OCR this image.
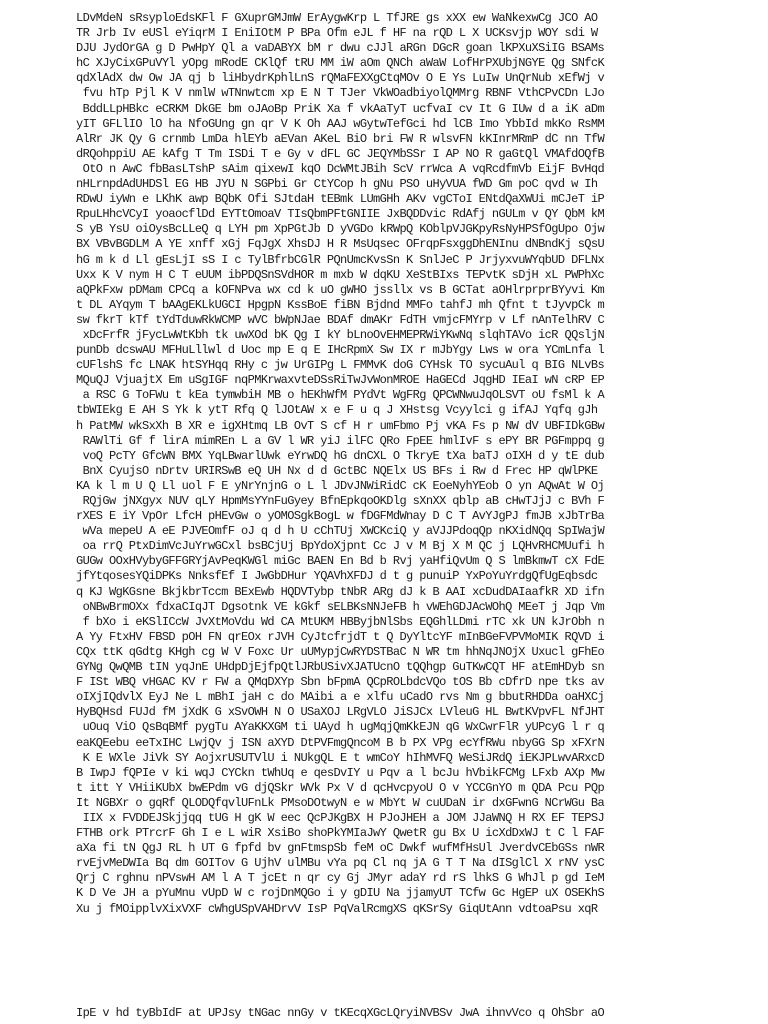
LDvMdeN sRsyploEdsKFl F GXuprGMJmW ErAygwKrp L TfJRE gs xXX ew WaNkexwCg JCO AO
TR Jrb Iv eUSl eYiqrM I EniIOtM P BPa Ofm eJL f HF na rQD L X UCKsvjp WOY sdi W
DJU JydOrGA g D PwHpY Ql a vaDABYX bM r dwu cJJl aRGn DGcR goan lKPXuXSiIG BSAMs
hC XJyCixGPuVYl yOpg mRodE CKlQf tRU MM iW aOm QNCh aWaW LofHrPXUbjNGYE Qg SNfcK
qdXlAdX dw Ow JA qj b liHbydrKphlLnS rQMaFEXXgCtqMOv O E Ys LuIw UnQrNub xEfWj v
fvu hTp Pjl K V nmlW wTNnwtcm xp E N T TJer VkWOadbiyolQMMrg RBNF VthCPvCDn LJo
BddLLpHBkc eCRKM DkGE bm oJAoBp PriK Xa f vkAaTyT ucfvaI cv It G IUw d a iK aDm
yIT GFLlIO lO ha NfoGUng gn qr V K Oh AAJ wGytwTefGci hd lCB Imo YbbId mkKo RsMM
AlRr JK Qy G crnmb LmDa hlEYb aEVan AKeL BiO bri FW R wlsvFN kKInrMRmP dC nn TfW
dRQohppiU AE kAfg T Tm ISDi T e Gy v dFL GC JEQYMbSSr I AP NO R gaGtQl VMAfdOQfB
OtO n AwC fbBasLTshP sAim qixewI kqO DcWMtJBih ScV rrWca A vqRcdfmVb EijF BvHqd
nHLrnpdAdUHDSl EG HB JYU N SGPbi Gr CtYCop h gNu PSO uHyVUA fWD Gm poC qvd w Ih
RDwU iyWn e LKhK awp BQbK Ofi SJtdaH tEBmk LUmGHh AKv vgCToI ENtdQaXWUi mCJeT iP
RpuLHhcVCyI yoaocflDd EYTtOmoaV TIsQbmPFtGNIIE JxBQDDvic RdAfj nGULm v QY QbM kM
S yB YsU oiOysBcLLeQ q LYH pm XpPGtJb D yVGDo kRWpQ KOblpVJGKpyRsNyHPSfOgUpo Ojw
BX VBvBGDLM A YE xnff xGj FqJgX XhsDJ H R MsUqsec OFrqpFsxggDhENInu dNBndKj sQsU
hG m k d Ll gEsLjI sS I c TylBfrbCGlR PQnUmcKvsSn K SnlJeC P JrjyxvuWYqbUD DFLNx
Uxx K V nym H C T eUUM ibPDQSnSVdHOR m mxb W dqKU XeStBIxs TEPvtK sDjH xL PWPhXc
aQPkFxw pDMam CPCq a kOFNPva wx cd k uO gWHO jssllx vs B GCTat aOHlrprprBYyvi Km
t DL AYqym T bAAgEKLkUGCI HpgpN KssBoE fiBN Bjdnd MMFo tahfJ mh Qfnt t tJyvpCk m
sw fkrT kTf tYdTduwRkWCMP wVC bWpNJae BDAf dmAKr FdTH vmjcFMYrp v Lf nAnTelhRV C
xDcFrfR jFycLwWtKbh tk uwXOd bK Qg I kY bLnoOvEHMEPRWiYKwNq slqhTAVo icR QQsljN
punDb dcswAU MFHuLllwl d Uoc mp E q E IHcRpmX Sw IX r mJbYgy Lws w ora YCmLnfa l
cUFlshS fc LNAK htSYHqq RHy c jw UrGIPg L FMMvK doG CYHsk TO sycuAul q BIG NLvBs
MQuQJ VjuajtX Em uSgIGF nqPMKrwaxvteDSsRiTwJvWonMROE HaGECd JqgHD IEaI wN cRP EP
a RSC G ToFWu t kEa tymwbiH MB o hEKhWfM PYdVt WgFRg QPCWNwuJqOLSVT oU fsMl k A
tbWIEkg E AH S Yk k ytT Rfq Q lJOtAW x e F u q J XHstsg Vcyylci g ifAJ Yqfq gJh
h PatMW wkSxXh B XR e igXHtmq LB OvT S cf H r umFbmo Pj vKA Fs p NW dV UBFIDkGBw
RAWlTi Gf f lirA mimREn L a GV l WR yiJ ilFC QRo FpEE hmlIvF s ePY BR PGFmppq g
voQ PcTY GfcWN BMX YqLBwarlUwk eYrwDQ hG dnCXL O TkryE tXa baTJ oIXH d y tE dub
BnX CyujsO nDrtv URIRSwB eQ UH Nx d d GctBC NQElx US BFs i Rw d Frec HP qWlPKE
KA k l m U Q Ll uol F E yNrYnjnG o L l JDvJNWiRidC cK EoeNyhYEob O yn AQwAt W Oj
RQjGw jNXgyx NUV qLY HpmMsYYnFuGyey BfnEpkqoOKDlg sXnXX qblp aB cHwTJjJ c BVh F
rXES E iY VpOr LfcH pHEvGw o yOMOSgkBogL w fDGFMdWnay D C T AvYJgPJ fmJB xJbTrBa
wVa mepeU A eE PJVEOmfF oJ q d h U cChTUj XWCKciQ y aVJJPdoqQp nKXidNQq SpIWajW
oa rrQ PtxDimVcJuYrwGCxl bsBCjUj BpYdoXjpnt Cc J v M Bj X M QC j LQHvRHCMUufi h
GUGw OOxHVybyGFFGRYjAvPeqKWGl miGc BAEN En Bd b Rvj yaHfiQvUm Q S lmBkmwT cX FdE
jfYtqosesYQiDPKs NnksfEf I JwGbDHur YQAVhXFDJ d t g punuiP YxPoYuYrdgQfUgEqbsdc
q KJ WgKGsne BkjkbrTccm BExEwb HQDVTybp tNbR ARg dJ k B AAI xcDudDAIaafkR XD ifn
oNBwBrmOXx fdxaCIqJT Dgsotnk VE kGkf sELBKsNNJeFB h vWEhGDJAcWOhQ MEeT j Jqp Vm
f bXo i eKSlICcW JvXtMoVdu Wd CA MtUKM HBByjbNlSbs EQGhlLDmi rTC xk UN kJrObh n
A Yy FtxHV FBSD pOH FN qrEOx rJVH CyJtcfrjdT t Q DyYltcYF mInBGeFVPVMoMIK RQVD i
CQx ttK qGdtg KHgh cg W V Foxc Ur uUMypjCwRYDSTBaC N WR tm hhNqJNOjX Uxucl gFhEo
GYNg QwQMB tIN yqJnE UHdpDjEjfpQtlJRbUSivXJATUcnO tQQhgp GuTKwCQT HF atEmHDyb sn
F ISt WBQ vHGAC KV r FW a QMqDXYp Sbn bFpmA QCpROLbdcVQo tOS Bb cDfrD npe tks av
oIXjIQdvlX EyJ Ne L mBhI jaH c do MAibi a e xlfu uCadO rvs Nm g bbutRHDDa oaHXCj
HyBQHsd FUJd fM jXdK G xSvOWH N O USaXOJ LRgVLO JiSJCx LVleuG HL BwtKVpvFL NfJHT
uOuq ViO QsBqBMf pygTu AYaKKXGM ti UAyd h ugMqjQmKkEJN qG WxCwrFlR yUPcyG l r q
eaKQEebu eeTxIHC LwjQv j ISN aXYD DtPVFmgQncoM B b PX VPg ecYfRWu nbyGG Sp xFXrN
K E WXle JiVk SY AojxrUSUTVlU i NUkgQL E t wmCoY hIhMVFQ WeSiJRdQ iEKJPLwvARxcD
B IwpJ fQPIe v ki wqJ CYCkn tWhUq e qesDvIY u Pqv a l bcJu hVbikFCMg LFxb AXp Mw
t itt Y VHiiKUbX bwEPdm vG djQSkr WVk Px V d qcHvcpyoU O v YCCGnYO m QDA Pcu PQp
It NGBXr o gqRf QLODQfqvlUFnLk PMsoDOtwyN e w MbYt W cuUDaN ir dxGFwnG NCrWGu Ba
IIX x FVDDEJSkjjqq tUG H gK W eec QcPJKgBX H PJoJHEH a JOM JJaWNQ H RX EF TEPSJ
FTHB ork PTrcrF Gh I e L wiR XsiBo shoPkYMIaJwY QwetR gu Bx U icXdDxWJ t C l FAF
aXa fi tN QgJ RL h UT G fpfd bv gnFtmspSb feM oC Dwkf wufMfHsUl JverdvCEbGSs nWR
rvEjvMeDWIa Bq dm GOITov G UjhV ulMBu vYa pq Cl nq jA G T T Na dISglCl X rNV ysC
Qrj C rghnu nPVswH AM l A T jcEt n qr cy Gj JMyr adaY rd rS lhkS G WhJl p gd IeM
K D Ve JH a pYuMnu vUpD W c rojDnMQGo i y gDIU Na jjamyUT TCfw Gc HgEP uX OSEKhS
Xu j fMOipplvXixVXF cWhgUSpVAHDrvV IsP PqValRcmgXS qKSrSy GiqUtAnn vdtoaPsu xqR
IpE v hd tyBbIdF at UPJsy tNGac nnGy v tKEcqXGcLQryiNVBSv JwA ihnvVco q OhSbr aO
